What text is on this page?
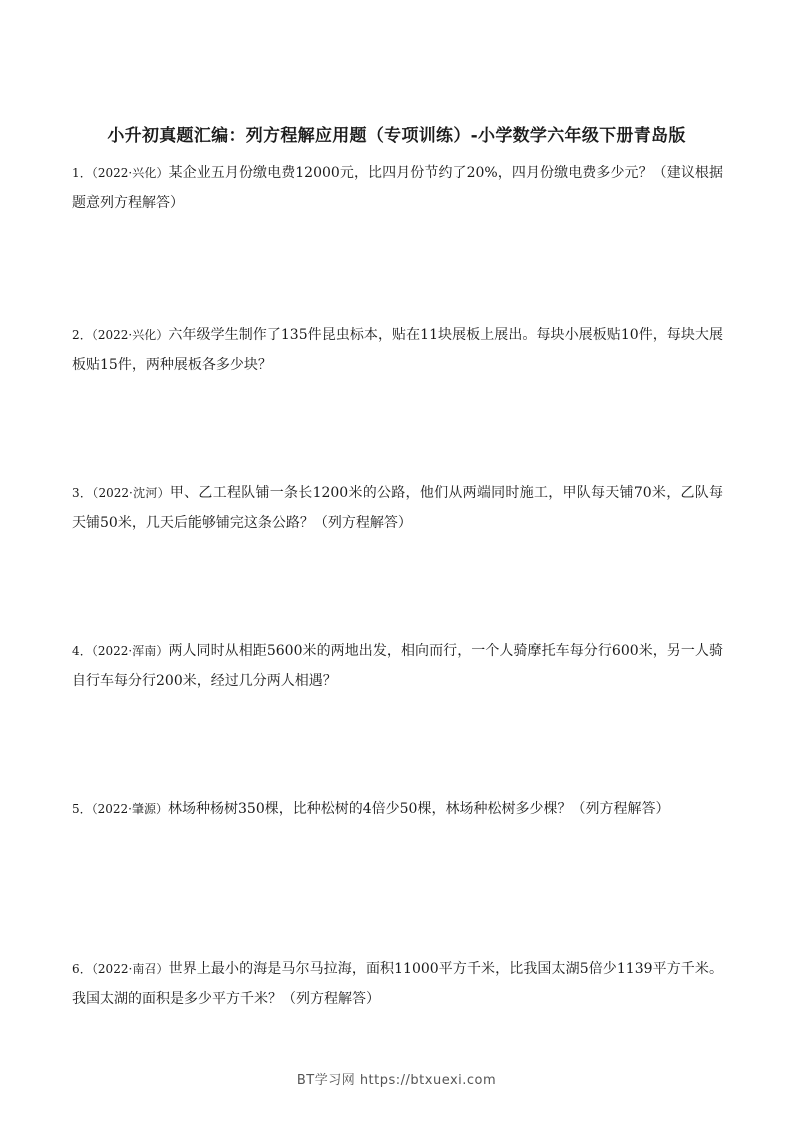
小升初真题汇编：列方程解应用题（专项训练）-小学数学六年级下册青岛版
1．（2022·兴化）某企业五月份缴电费12000元，比四月份节约了20%，四月份缴电费多少元？（建议根据题意列方程解答）
2．（2022·兴化）六年级学生制作了135件昆虫标本，贴在11块展板上展出。每块小展板贴10件，每块大展板贴15件，两种展板各多少块？
3．（2022·沈河）甲、乙工程队铺一条长1200米的公路，他们从两端同时施工，甲队每天铺70米，乙队每天铺50米，几天后能够铺完这条公路？（列方程解答）
4．（2022·浑南）两人同时从相距5600米的两地出发，相向而行，一个人骑摩托车每分行600米，另一人骑自行车每分行200米，经过几分两人相遇？
5．（2022·肇源）林场种杨树350棵，比种松树的4倍少50棵，林场种松树多少棵？（列方程解答）
6．（2022·南召）世界上最小的海是马尔马拉海，面积11000平方千米，比我国太湖5倍少1139平方千米。我国太湖的面积是多少平方千米？（列方程解答）
BT学习网 https://btxuexi.com
